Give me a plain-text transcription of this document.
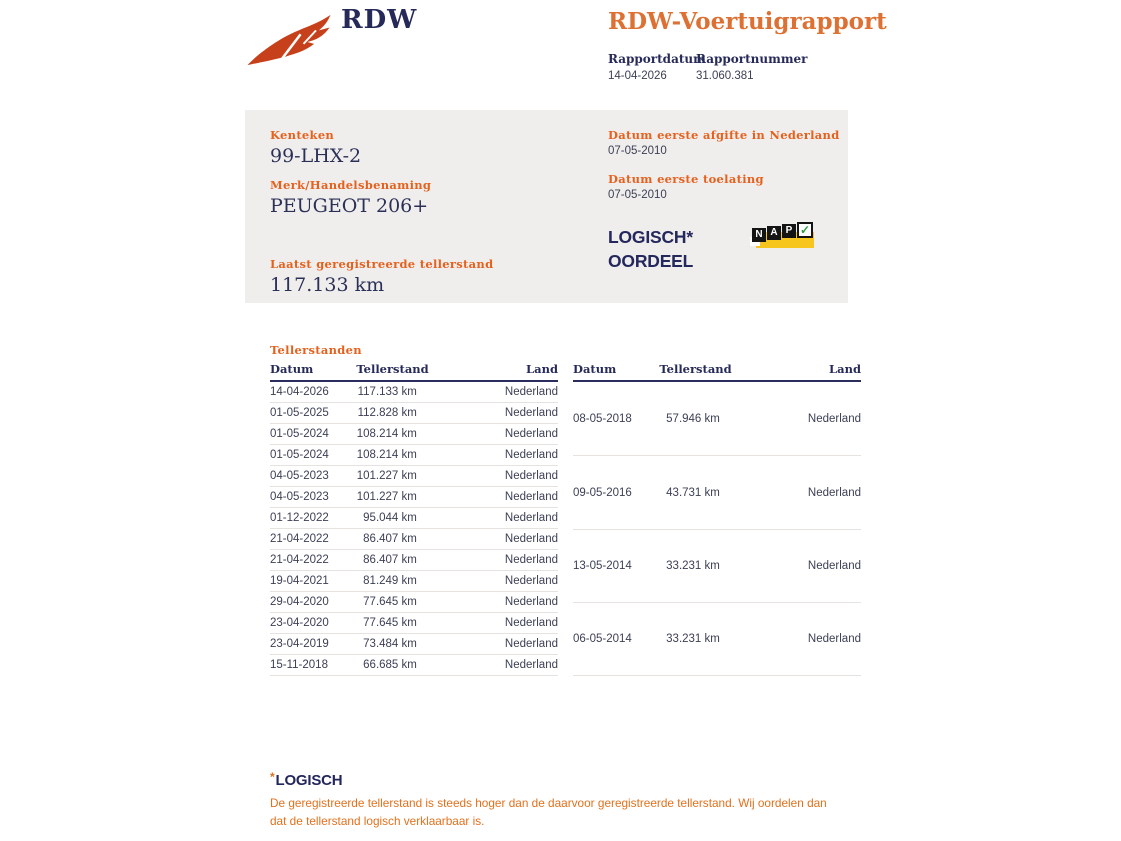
RDW	RDW-Voertuigrapport
Rapportdatum
14-04-2026
Rapportnummer
31.060.381
Kenteken
99-LHX-2
Merk/Handelsbenaming
PEUGEOT 206+
Laatst geregistreerde tellerstand
117.133 km
Datum eerste afgifte in Nederland
07-05-2010
Datum eerste toelating
07-05-2010
LOGISCH*
OORDEEL
N A P ✓
Tellerstanden
Datum	Tellerstand	Land
14-04-2026	117.133 km	Nederland
01-05-2025	112.828 km	Nederland
01-05-2024	108.214 km	Nederland
01-05-2024	108.214 km	Nederland
04-05-2023	101.227 km	Nederland
04-05-2023	101.227 km	Nederland
01-12-2022	95.044 km	Nederland
21-04-2022	86.407 km	Nederland
21-04-2022	86.407 km	Nederland
19-04-2021	81.249 km	Nederland
29-04-2020	77.645 km	Nederland
23-04-2020	77.645 km	Nederland
23-04-2019	73.484 km	Nederland
15-11-2018	66.685 km	Nederland
Datum	Tellerstand	Land
08-05-2018	57.946 km	Nederland
09-05-2016	43.731 km	Nederland
13-05-2014	33.231 km	Nederland
06-05-2014	33.231 km	Nederland
*LOGISCH

De geregistreerde tellerstand is steeds hoger dan de daarvoor geregistreerde tellerstand. Wij oordelen dan dat de tellerstand logisch verklaarbaar is.
